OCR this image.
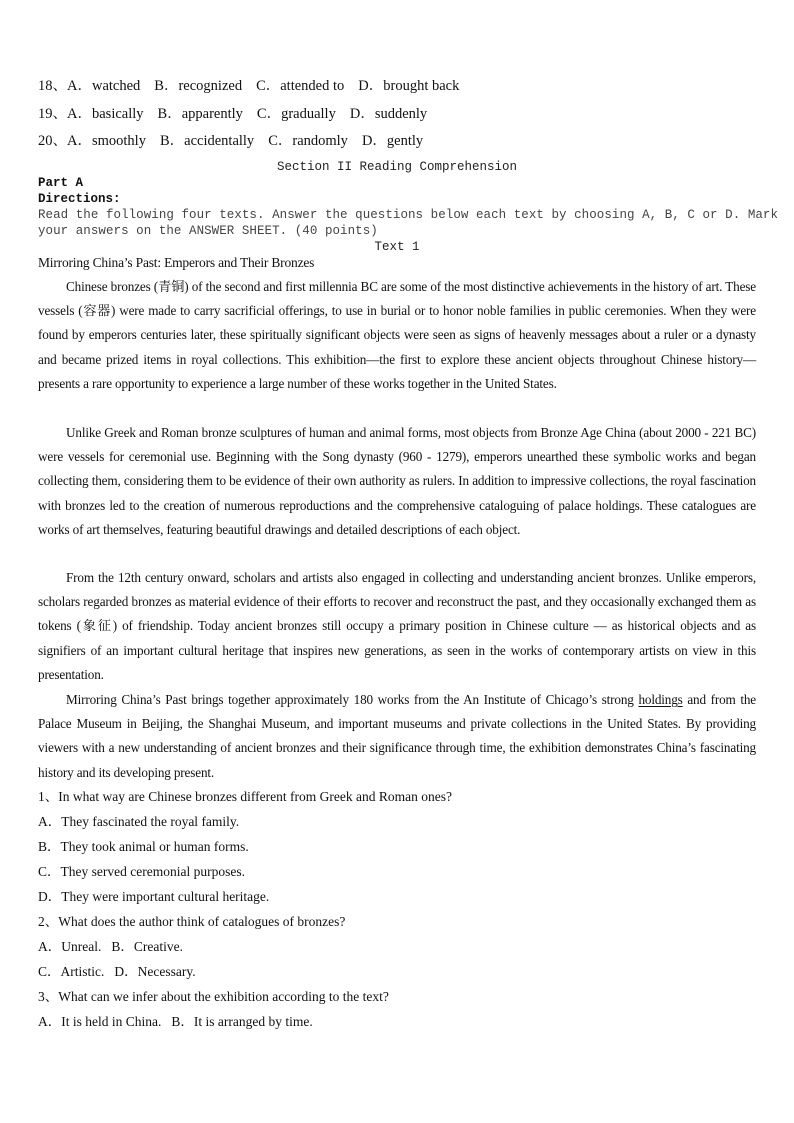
18、A．watched B．recognized C．attended to D．brought back
19、A．basically B．apparently C．gradually D．suddenly
20、A．smoothly B．accidentally C．randomly D．gently
Section II Reading Comprehension
Part A
Directions:
Read the following four texts. Answer the questions below each text by choosing A, B, C or D. Mark
your answers on the ANSWER SHEET. (40 points)
Text 1
Mirroring China’s Past: Emperors and Their Bronzes
Chinese bronzes (青铜) of the second and first millennia BC are some of the most distinctive achievements in the history of art. These vessels (容器) were made to carry sacrificial offerings, to use in burial or to honor noble families in public ceremonies. When they were found by emperors centuries later, these spiritually significant objects were seen as signs of heavenly messages about a ruler or a dynasty and became prized items in royal collections. This exhibition—the first to explore these ancient objects throughout Chinese history—presents a rare opportunity to experience a large number of these works together in the United States.
Unlike Greek and Roman bronze sculptures of human and animal forms, most objects from Bronze Age China (about 2000 - 221 BC) were vessels for ceremonial use. Beginning with the Song dynasty (960 - 1279), emperors unearthed these symbolic works and began collecting them, considering them to be evidence of their own authority as rulers. In addition to impressive collections, the royal fascination with bronzes led to the creation of numerous reproductions and the comprehensive cataloguing of palace holdings. These catalogues are works of art themselves, featuring beautiful drawings and detailed descriptions of each object.
From the 12th century onward, scholars and artists also engaged in collecting and understanding ancient bronzes. Unlike emperors, scholars regarded bronzes as material evidence of their efforts to recover and reconstruct the past, and they occasionally exchanged them as tokens (象征) of friendship. Today ancient bronzes still occupy a primary position in Chinese culture — as historical objects and as signifiers of an important cultural heritage that inspires new generations, as seen in the works of contemporary artists on view in this presentation.
Mirroring China’s Past brings together approximately 180 works from the An Institute of Chicago’s strong holdings and from the Palace Museum in Beijing, the Shanghai Museum, and important museums and private collections in the United States. By providing viewers with a new understanding of ancient bronzes and their significance through time, the exhibition demonstrates China’s fascinating history and its developing present.
1、In what way are Chinese bronzes different from Greek and Roman ones?
A．They fascinated the royal family.
B．They took animal or human forms.
C．They served ceremonial purposes.
D．They were important cultural heritage.
2、What does the author think of catalogues of bronzes?
A．Unreal. B．Creative.
C．Artistic. D．Necessary.
3、What can we infer about the exhibition according to the text?
A．It is held in China. B．It is arranged by time.
